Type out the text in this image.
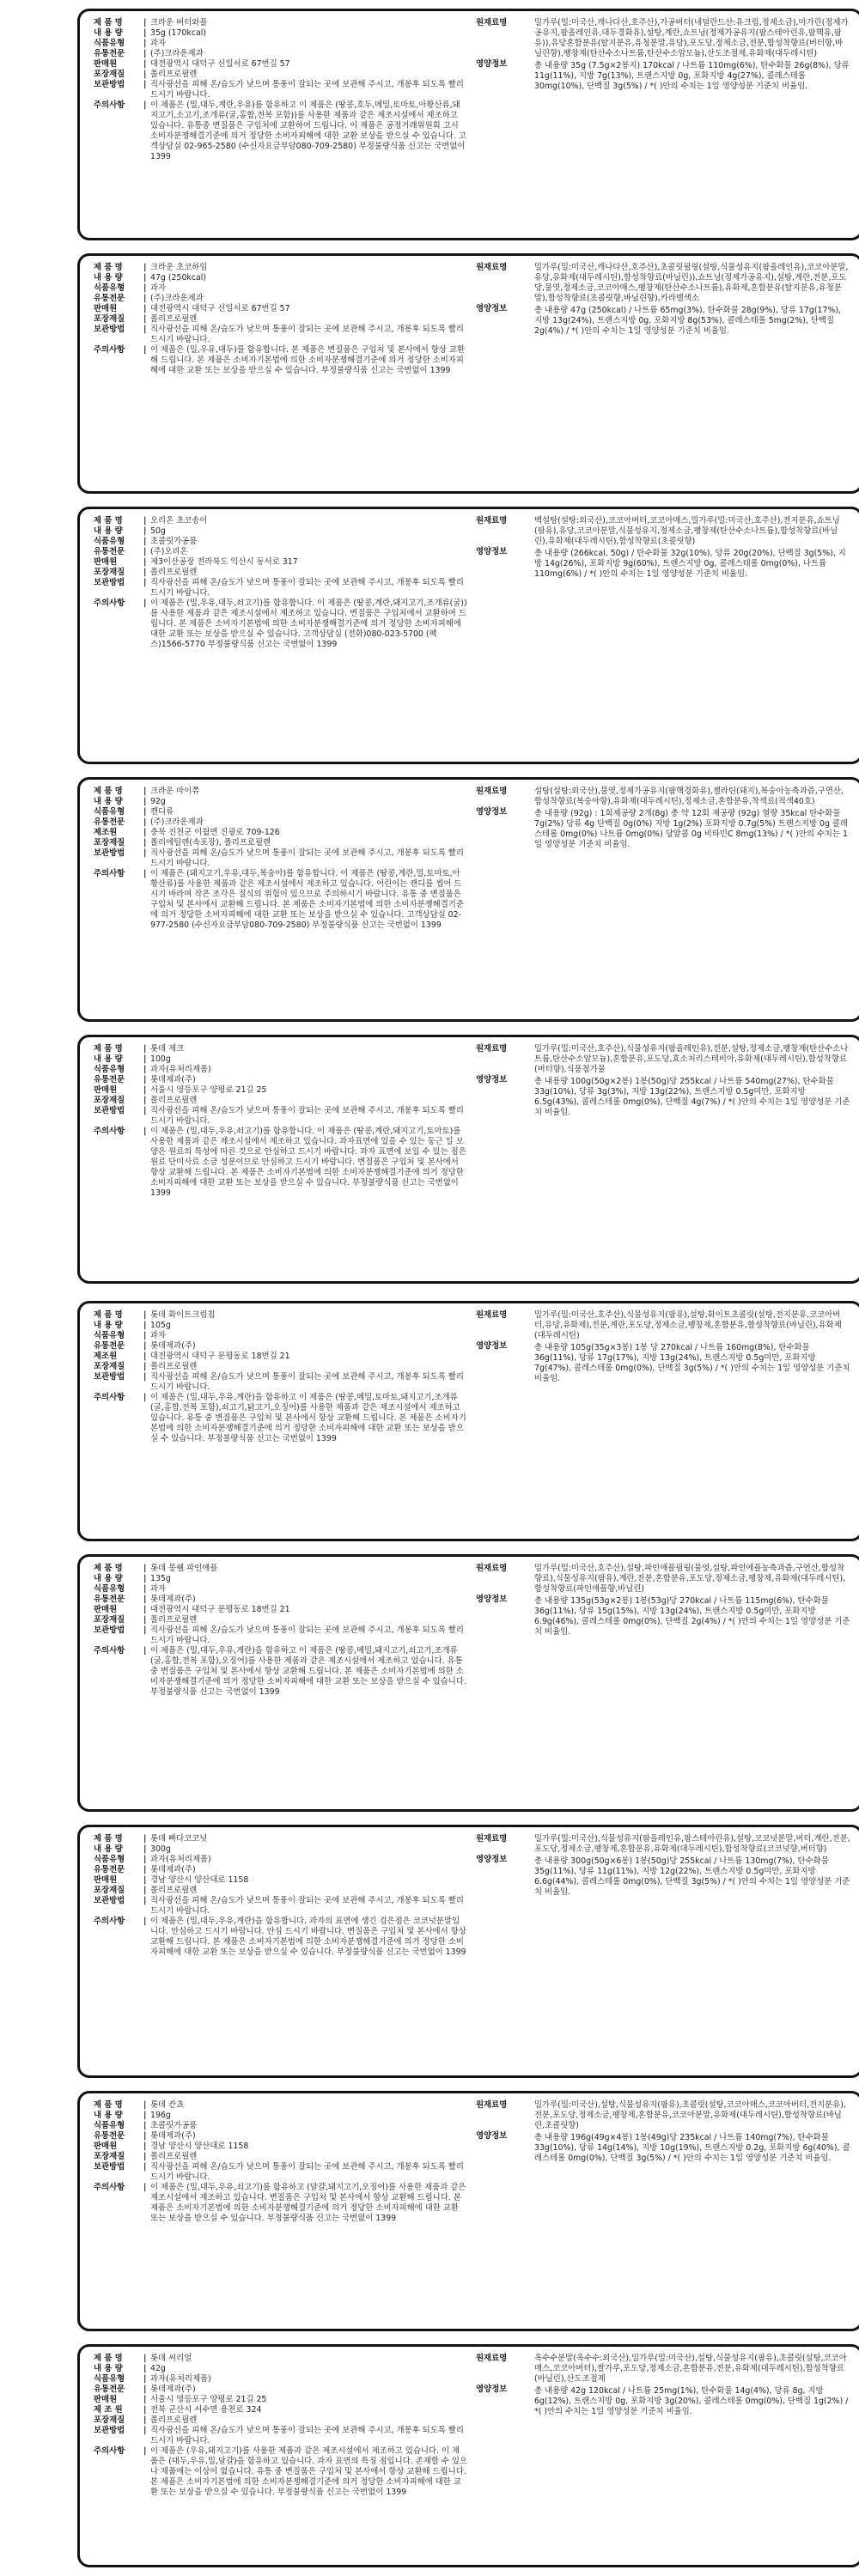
제 품 명	| 크라운 버터와플
내 용 량	| 35g (170kcal)
식품유형	| 과자
유통전문	| (주)크라운제과
판매원	| 대전광역시 대덕구 신일서로 67번길 57
포장재질	| 폴리프로필렌
보관방법	| 직사광선을 피해 온/습도가 낮으며 통풍이 잘되는 곳에 보관해 주시고, 개봉후 되도록 빨리 드시기 바랍니다.
주의사항	| 이 제품은 (밀,대두,계란,우유)를 함유하고 이 제품은 (땅콩,호두,메밀,토마토,아황산류,돼지고기,소고기,조개류(굴,홍합,전복 포함))를 사용한 제품과 같은 제조시설에서 제조하고 있습니다. 유통중 변질품은 구입처에 교환하여 드립니다. 이 제품은 공정거래위원회 고시 소비자분쟁해결기준에 의거 정당한 소비자피해에 대한 교환 보상을 받으실 수 있습니다. 고객상담실 02-965-2580 (수신자요금부담080-709-2580) 부정불량식품 신고는 국번없이 1399
원재료명	밀가루(밀:미국산,캐나다산,호주산),가공버터(네덜란드산:유크림,정제소금),마가린(정제가공유지,팜올레인유,대두경화유),설탕,계란,쇼트닝(정제가공유지(팜스테아린유,팜핵유,팜유)),유당혼합분유(탈지분유,유청분말,유당),포도당,정제소금,전분,합성착향료(버터향,바닐린향),팽창제(탄산수소나트륨,탄산수소암모늄),산도조절제,유화제(대두레시틴)
영양정보	총 내용량 35g (7.5g×2봉지) 170kcal / 나트륨 110mg(6%), 탄수화물 26g(8%), 당류 11g(11%), 지방 7g(13%), 트랜스지방 0g, 포화지방 4g(27%), 콜레스테롤 30mg(10%), 단백질 3g(5%) / *( )안의 수치는 1일 영양성분 기준치 비율임.
제 품 명	| 크라운 초코하임
내 용 량	| 47g (250kcal)
식품유형	| 과자
유통전문	| (주)크라운제과
판매원	| 대전광역시 대덕구 신일서로 67번길 57
포장재질	| 폴리프로필렌
보관방법	| 직사광선을 피해 온/습도가 낮으며 통풍이 잘되는 곳에 보관해 주시고, 개봉후 되도록 빨리 드시기 바랍니다.
주의사항	| 이 제품은 (밀,우유,대두)를 함유합니다. 본 제품은 변질품은 구입처 및 본사에서 항상 교환해 드립니다. 본 제품은 소비자기본법에 의한 소비자분쟁해결기준에 의거 정당한 소비자피해에 대한 교환 또는 보상을 받으실 수 있습니다. 부정불량식품 신고는 국번없이 1399
원재료명	밀가루(밀:미국산,캐나다산,호주산),초콜릿필링(설탕,식물성유지(팜올레인유),코코아분말,유당,유화제(대두레시틴),합성착향료(바닐린)),쇼트닝(정제가공유지),설탕,계란,전분,포도당,물엿,정제소금,코코아매스,팽창제(탄산수소나트륨),유화제,혼합분유(탈지분유,유청분말),합성착향료(초콜릿향,바닐린향),카라멜색소
영양정보	총 내용량 47g (250kcal) / 나트륨 65mg(3%), 탄수화물 28g(9%), 당류 17g(17%), 지방 13g(24%), 트랜스지방 0g, 포화지방 8g(53%), 콜레스테롤 5mg(2%), 단백질 2g(4%) / *( )안의 수치는 1일 영양성분 기준치 비율임.
제 품 명	| 오리온 초코송이
내 용 량	| 50g
식품유형	| 초콜릿가공품
유통전문	| (주)오리온
판매원	| 제3이산공장 전라북도 익산시 동서로 317
포장재질	| 폴리프로필렌
보관방법	| 직사광선을 피해 온/습도가 낮으며 통풍이 잘되는 곳에 보관해 주시고, 개봉후 되도록 빨리 드시기 바랍니다.
주의사항	| 이 제품은 (밀,우유,대두,쇠고기)를 함유합니다. 이 제품은 (땅콩,계란,돼지고기,조개류(굴))를 사용한 제품과 같은 제조시설에서 제조하고 있습니다. 변질품은 구입처에서 교환하여 드립니다. 본 제품은 소비자기본법에 의한 소비자분쟁해결기준에 의거 정당한 소비자피해에 대한 교환 또는 보상을 받으실 수 있습니다. 고객상담실 (전화)080-023-5700 (팩스)1566-5770 부정불량식품 신고는 국번없이 1399
원재료명	백설탕(설탕:외국산),코코아버터,코코아매스,밀가루(밀:미국산,호주산),전지분유,쇼트닝(팜유),유당,코코아분말,식물성유지,정제소금,팽창제(탄산수소나트륨),합성착향료(바닐린),유화제(대두레시틴),합성착향료(초콜릿향)
영양정보	총 내용량 (266kcal, 50g) / 탄수화물 32g(10%), 당류 20g(20%), 단백질 3g(5%), 지방 14g(26%), 포화지방 9g(60%), 트랜스지방 0g, 콜레스테롤 0mg(0%), 나트륨 110mg(6%) / *( )안의 수치는 1일 영양성분 기준치 비율임.
제 품 명	| 크라운 마이쮸
내 용 량	| 92g
식품유형	| 캔디류
유통전문	| (주)크라운제과
제조원	| 충북 진천군 이월면 진광로 709-126
포장재질	| 폴리에틸렌(속포장), 폴리프로필렌
보관방법	| 직사광선을 피해 온/습도가 낮으며 통풍이 잘되는 곳에 보관해 주시고, 개봉후 되도록 빨리 드시기 바랍니다.
주의사항	| 이 제품은 (돼지고기,우유,대두,복숭아)를 함유합니다. 이 제품은 (땅콩,계란,밀,토마토,아황산류)를 사용한 제품과 같은 제조시설에서 제조하고 있습니다. 어린이는 캔디를 씹어 드시기 바라며 작은 조각은 질식의 위험이 있으므로 주의하시기 바랍니다. 유통 중 변질품은 구입처 및 본사에서 교환해 드립니다. 본 제품은 소비자기본법에 의한 소비자분쟁해결기준에 의거 정당한 소비자피해에 대한 교환 또는 보상을 받으실 수 있습니다. 고객상담실 02-977-2580 (수신자요금부담080-709-2580) 부정불량식품 신고는 국번없이 1399
원재료명	설탕(설탕:외국산),물엿,정제가공유지(팜핵경화유),젤라틴(돼지),복숭아농축과즙,구연산,합성착향료(복숭아향),유화제(대두레시틴),정제소금,혼합분유,착색료(적색40호)
영양정보	총 내용량 (92g) : 1회제공량 2개(8g) 총 약 12회 제공량 (92g) 열량 35kcal 탄수화물 7g(2%) 당류 4g 단백질 0g(0%) 지방 1g(2%) 포화지방 0.7g(5%) 트랜스지방 0g 콜레스테롤 0mg(0%) 나트륨 0mg(0%) 당알콜 0g 비타민C 8mg(13%) / *( )안의 수치는 1일 영양성분 기준치 비율임.
제 품 명	| 롯데 제크
내 용 량	| 100g
식품유형	| 과자(유처리제품)
유통전문	| 롯데제과(주)
판매원	| 서울시 영등포구 양평로 21길 25
포장재질	| 폴리프로필렌
보관방법	| 직사광선을 피해 온/습도가 낮으며 통풍이 잘되는 곳에 보관해 주시고, 개봉후 되도록 빨리 드시기 바랍니다.
주의사항	| 이 제품은 (밀,대두,우유,쇠고기)를 함유합니다. 이 제품은 (땅콩,계란,돼지고기,토마토)를 사용한 제품과 같은 제조시설에서 제조하고 있습니다. 과자표면에 있을 수 있는 둥근 일 모양은 원료의 특성에 따른 것으로 안심하고 드시기 바랍니다. 과자 표면에 보일 수 있는 점은 원료 단미사료 소금 성분이므로 안심하고 드시기 바랍니다. 변질품은 구입처 및 본사에서 항상 교환해 드립니다. 본 제품은 소비자기본법에 의한 소비자분쟁해결기준에 의거 정당한 소비자피해에 대한 교환 또는 보상을 받으실 수 있습니다. 부정불량식품 신고는 국번없이 1399
원재료명	밀가루(밀:미국산,호주산),식물성유지(팜올레인유),전분,설탕,정제소금,팽창제(탄산수소나트륨,탄산수소암모늄),혼합분유,포도당,효소처리스테비아,유화제(대두레시틴),합성착향료(버터향),식품첨가물
영양정보	총 내용량 100g(50g×2봉) 1봉(50g)당 255kcal / 나트륨 540mg(27%), 탄수화물 33g(10%), 당류 3g(3%), 지방 13g(22%), 트랜스지방 0.5g미만, 포화지방 6.5g(43%), 콜레스테롤 0mg(0%), 단백질 4g(7%) / *( )안의 수치는 1일 영양성분 기준치 비율임.
제 품 명	| 롯데 화이트크림칩
내 용 량	| 105g
식품유형	| 과자
유통전문	| 롯데제과(주)
제조원	| 대전광역시 대덕구 문평동로 18번길 21
포장재질	| 폴리프로필렌
보관방법	| 직사광선을 피해 온/습도가 낮으며 통풍이 잘되는 곳에 보관해 주시고, 개봉후 되도록 빨리 드시기 바랍니다.
주의사항	| 이 제품은 (밀,대두,우유,계란)을 함유하고 이 제품은 (땅콩,메밀,토마토,돼지고기,조개류(굴,홍합,전복 포함),쇠고기,닭고기,오징어)를 사용한 제품과 같은 제조시설에서 제조하고 있습니다. 유통 중 변질품은 구입처 및 본사에서 항상 교환해 드립니다. 본 제품은 소비자기본법에 의한 소비자분쟁해결기준에 의거 정당한 소비자피해에 대한 교환 또는 보상을 받으실 수 있습니다. 부정불량식품 신고는 국번없이 1399
원재료명	밀가루(밀:미국산,호주산),식물성유지(팜유),설탕,화이트초콜릿(설탕,전지분유,코코아버터,유당,유화제),전분,계란,포도당,정제소금,팽창제,혼합분유,합성착향료(바닐린),유화제(대두레시틴)
영양정보	총 내용량 105g(35g×3봉) 1봉 당 270kcal / 나트륨 160mg(8%), 탄수화물 36g(11%), 당류 17g(17%), 지방 13g(24%), 트랜스지방 0.5g미만, 포화지방 7g(47%), 콜레스테롤 0mg(0%), 단백질 3g(5%) / *( )안의 수치는 1일 영양성분 기준치 비율임.
제 품 명	| 롯데 몽쉘 파인애플
내 용 량	| 135g
식품유형	| 과자
유통전문	| 롯데제과(주)
판매원	| 대전광역시 대덕구 문평동로 18번길 21
포장재질	| 폴리프로필렌
보관방법	| 직사광선을 피해 온/습도가 낮으며 통풍이 잘되는 곳에 보관해 주시고, 개봉후 되도록 빨리 드시기 바랍니다.
주의사항	| 이 제품은 (밀,대두,우유,계란)을 함유하고 이 제품은 (땅콩,메밀,돼지고기,쇠고기,조개류(굴,홍합,전복 포함),오징어)를 사용한 제품과 같은 제조시설에서 제조하고 있습니다. 유통 중 변질품은 구입처 및 본사에서 항상 교환해 드립니다. 본 제품은 소비자기본법에 의한 소비자분쟁해결기준에 의거 정당한 소비자피해에 대한 교환 또는 보상을 받으실 수 있습니다. 부정불량식품 신고는 국번없이 1399
원재료명	밀가루(밀:미국산,호주산),설탕,파인애플필링(물엿,설탕,파인애플농축과즙,구연산,합성착향료),식물성유지(팜유),계란,전분,혼합분유,포도당,정제소금,팽창제,유화제(대두레시틴),합성착향료(파인애플향,바닐린)
영양정보	총 내용량 135g(53g×2봉) 1봉(53g)당 270kcal / 나트륨 115mg(6%), 탄수화물 36g(11%), 당류 15g(15%), 지방 13g(24%), 트랜스지방 0.5g미만, 포화지방 6.9g(46%), 콜레스테롤 0mg(0%), 단백질 2g(4%) / *( )안의 수치는 1일 영양성분 기준치 비율임.
제 품 명	| 롯데 빠다코코넛
내 용 량	| 300g
식품유형	| 과자(유처리제품)
유통전문	| 롯데제과(주)
판매원	| 경남 양산시 양산대로 1158
포장재질	| 폴리프로필렌
보관방법	| 직사광선을 피해 온/습도가 낮으며 통풍이 잘되는 곳에 보관해 주시고, 개봉후 되도록 빨리 드시기 바랍니다.
주의사항	| 이 제품은 (밀,대두,우유,계란)을 함유합니다. 과자의 표면에 생긴 검은점은 코코넛분말입니다. 안심하고 드시기 바랍니다. 안심 드시기 바랍니다. 변질품은 구입처 및 본사에서 항상 교환해 드립니다. 본 제품은 소비자기본법에 의한 소비자분쟁해결기준에 의거 정당한 소비자피해에 대한 교환 또는 보상을 받으실 수 있습니다. 부정불량식품 신고는 국번없이 1399
원재료명	밀가루(밀:미국산),식물성유지(팜올레인유,팜스테아린유),설탕,코코넛분말,버터,계란,전분,포도당,정제소금,팽창제,혼합분유,유화제(대두레시틴),합성착향료(코코넛향,버터향)
영양정보	총 내용량 300g(50g×6봉) 1봉(50g)당 255kcal / 나트륨 130mg(7%), 탄수화물 35g(11%), 당류 11g(11%), 지방 12g(22%), 트랜스지방 0.5g미만, 포화지방 6.6g(44%), 콜레스테롤 0mg(0%), 단백질 3g(5%) / *( )안의 수치는 1일 영양성분 기준치 비율임.
제 품 명	| 롯데 칸쵸
내 용 량	| 196g
식품유형	| 초콜릿가공품
유통전문	| 롯데제과(주)
판매원	| 경남 양산시 양산대로 1158
포장재질	| 폴리프로필렌
보관방법	| 직사광선을 피해 온/습도가 낮으며 통풍이 잘되는 곳에 보관해 주시고, 개봉후 되도록 빨리 드시기 바랍니다.
주의사항	| 이 제품은 (밀,대두,우유,쇠고기)를 함유하고 (달걀,돼지고기,오징어)를 사용한 제품과 같은 제조시설에서 제조하고 있습니다. 변질품은 구입처 및 본사에서 항상 교환해 드립니다. 본 제품은 소비자기본법에 의한 소비자분쟁해결기준에 의거 정당한 소비자피해에 대한 교환 또는 보상을 받으실 수 있습니다. 부정불량식품 신고는 국번없이 1399
원재료명	밀가루(밀:미국산),설탕,식물성유지(팜유),초콜릿(설탕,코코아매스,코코아버터,전지분유),전분,포도당,정제소금,팽창제,혼합분유,코코아분말,유화제(대두레시틴),합성착향료(바닐린,초콜릿향)
영양정보	총 내용량 196g(49g×4봉) 1봉(49g)당 235kcal / 나트륨 140mg(7%), 탄수화물 33g(10%), 당류 14g(14%), 지방 10g(19%), 트랜스지방 0.2g, 포화지방 6g(40%), 콜레스테롤 0mg(0%), 단백질 3g(5%) / *( )안의 수치는 1일 영양성분 기준치 비율임.
제 품 명	| 롯데 씨리얼
내 용 량	| 42g
식품유형	| 과자(유처리제품)
유통전문	| 롯데제과(주)
판매원	| 서울시 영등포구 양평로 21길 25
제 조 원	| 전북 군산시 서수면 용천로 324
포장재질	| 폴리프로필렌
보관방법	| 직사광선을 피해 온/습도가 낮으며 통풍이 잘되는 곳에 보관해 주시고, 개봉후 되도록 빨리 드시기 바랍니다.
주의사항	| 이 제품은 (우유,돼지고기)를 사용한 제품과 같은 제조시설에서 제조하고 있습니다. 이 제품은 (대두,우유,밀,달걀)을 함유하고 있습니다. 과자 표면의 특징 점입니다. 존재할 수 있으나 제품에는 이상이 없습니다. 유통 중 변질품은 구입처 및 본사에서 항상 교환해 드립니다. 본 제품은 소비자기본법에 의한 소비자분쟁해결기준에 의거 정당한 소비자피해에 대한 교환 또는 보상을 받으실 수 있습니다. 부정불량식품 신고는 국번없이 1399
원재료명	옥수수분말(옥수수:외국산),밀가루(밀:미국산),설탕,식물성유지(팜유),초콜릿(설탕,코코아매스,코코아버터),쌀가루,포도당,정제소금,혼합분유,전분,유화제(대두레시틴),합성착향료(바닐린),산도조절제
영양정보	총 내용량 42g 120kcal / 나트륨 25mg(1%), 탄수화물 14g(4%), 당류 8g, 지방 6g(12%), 트랜스지방 0g, 포화지방 3g(20%), 콜레스테롤 0mg(0%), 단백질 1g(2%) / *( )안의 수치는 1일 영양성분 기준치 비율임.
